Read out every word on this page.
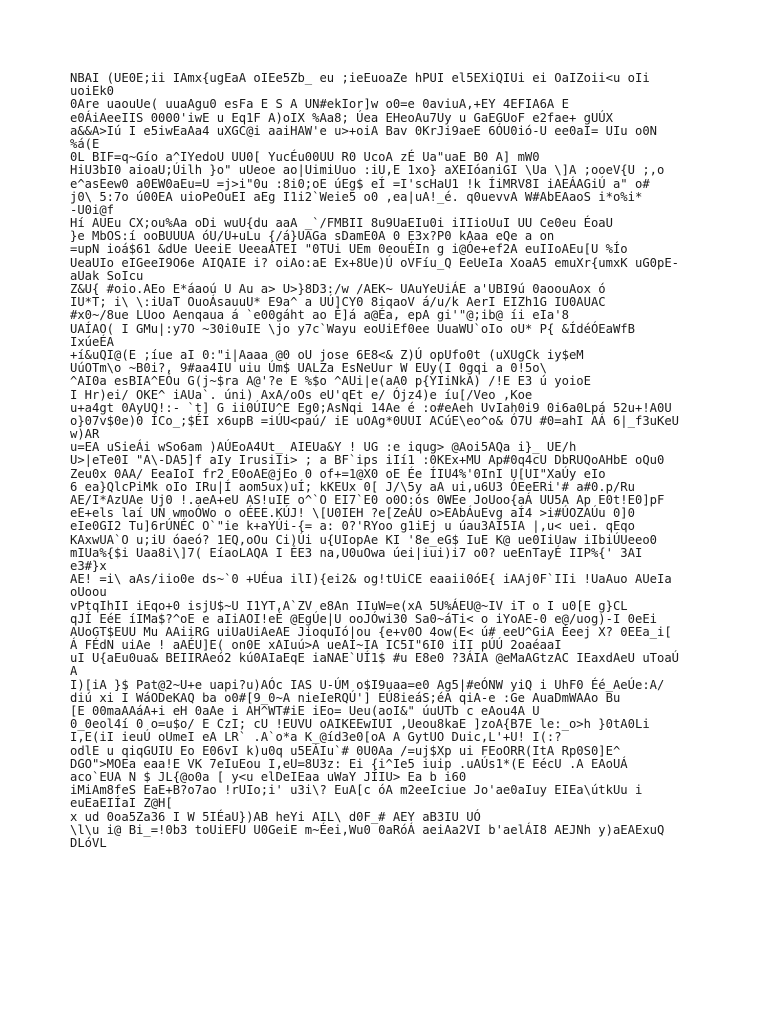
NBAÍ (UE0E;ii IAmx{ugEaA oIÉe5Zb_ eu ;ieEuoaZe hPUI el5ÉXiQIÚi ei OaIZoii<u oIi
uoiEk0
0Are uaouUe( uuaAgu0 esFa E S A UN#ekIor]w o0=e 0aviuA,+EY 4EFIA6A E
e0ÁiAeeIIS 0000'iwE u Eq1F A)oIX %Aa8; Úea EHeoAu7Uy u GaEGUoF e2fae+ gUÚX
a&&A>Iú I e5iwEaAa4 uXGC@i aaiHAW'e u>+oiA Bav 0KrJi9aeE 6ÓU0ió-U ee0aI= UIu o0N
%á(E
0L BIF=q~Gío a^IYedoU UU0[ YucÉu00UU R0 UcoA zÉ Ua"uaE B0 A] mW0
HiU3bI0 aioaU;Úilh }o" uUeoe ao|UimiUuo :iU,E 1xo} aXEIóaniGI \Ua \]A ;ooeV{U ;,o
e^asEew0 a0EW0aEu=U =j>i"0u :8i0;oE úEg$ eÍ =I'scHaU1 !k ÍiMRV8I iAEÁAGiÚ a" o#
j0\ 5:7o ú00EA uioPeOuEI aEg I1i2`Weie5 o0 ,ea|uA!_é. q0uevvA W#AbEAaoS i*o%i*
-U0i@f
Hí AUEu CX;ou%Aa oDi wuU{du aaA _`/FMBII 8u9UaEIu0i iIIioUuI UU Ce0eu ÉoaU
}e MbOS:í ooBUUUA óU/U+uLu {/á}UAGa sDamE0A 0 E3x?P0 kAaa eQe a on
=upN ioá$61 &dUe UeeiE UeeaÁTEI "0TUi UEm 0eouÉIn g i@Óe+ef2A euIIoAEu[U %Ío
UeaUIo eIGeeI9O6e AIQAIE i? oiAo:aE Ex+8Ue)Ú oVFíu_Q EeUeIa XoaA5 emuXr{umxK uG0pE-
aUak SoIcu
Z&U{ #oio.AEo E*áaoú U Au a> U>}8D3:/w /AEK~ UAuYeUiÁE a'UBI9ú 0aoouAox ó
IU*T; i\ \:iUaT OuoÁsauuU* E9a^ a UÚ]CY0 8iqaoV á/u/k AerI EIZh1G IU0AUAC
#x0~/8ue LUoo Aenqaua á `e00gáht ao É]á a@Éa, epA gi'"@;ib@ íi eIa'8
UAÍAO( I GMu|:y7O ~30i0uIE \jo y7c`Wayu eoUiEf0ee UuaWU`oIo oU* P{ &ÍdéÓEaWfB
IxúeÉA
+í&uQI@(E ;íue aI 0:"i|Aaaa @0 oU jose 6E8<& Z)Ú opUfo0t (uXUgCk iy$eM
UúOTm\o ~B0i?, 9#aa4IU uiu Úm$ UALZa EsNeUur W EUy(I 0gqi a 0!5o\
^AI0a esBIA^EÓu G(j~$ra A@'?e E %$o ^AUi|e(aA0 p{YIiNkA) /!E E3 ú yoioE
I Hr)ei/ OKE^ iAUa`. úni) AxA/oOs eU'qEt e/ Ójz4)e íu[/Veo ,Koe
u+a4gt 0AyUQ!:- `t] G ii0ÚIU^E Eg0;AsNqi 14Ae é :o#eAeh UvIah0i9 0i6a0Lpá 52u+!A0U
o}07v$0e)0 ÍCo_;$ÉI x6upB =iÚU<paú/ iE uOAg*0UUI ACúE\eo^o& Ó7U #0=ahI AÁ 6|_f3uKeU
w)AR
u=EA uSieÁi wSo6am )AÚEoA4Ut_ AIEUa&Y ! UG :e iqug> @Aoi5AQa i}_ UE/h
U>|eTe0I "A\-DA5]f aIy IrusiIi> ; a BF`ips iIí1 :0KEx+MU Ap#0q4cU DbRUQoAHbE oQu0
Zeu0x 0AA/ EeaIoI fr2 E0oAE@jEo 0 of+=1@X0 oE Ée ÍIU4%'0InI U[UI"XaÚy eIo
6 ea}QlcPiMk oIo IRu|Í aom5ux)uÍ; kKEUx 0[ J/\5y aA ui,u6U3 ÓEeERi'# a#0.p/Ru
AE/I*AzUAe Uj0 !.aeA+eU AS!uIE o^`O EI7`E0 o0O:ós 0WEe JoUoo{aÁ UU5A Ap E0t!E0]pF
eE+els laí UN wmoÓWo o oÉEE.KÚJ! \[U0IEH ?e[ZeÁU o>EAbÁuEvg aÍ4 >i#ÚOZAÚu 0]0
eIe0GI2 Tu]6rÚNÉC O`"ie k+aYÚi-{= a: 0?'RYoo g1iEj u úau3AI5IA |,u< uei. qEqo
KAxwUA`O u;iU óaeó? 1EQ,oOu Ci)Úi u{UIopAe KI '8e_eG$ IuE K@ ue0IiUaw iIbiÚUeeo0
mIUa%{$i Uaa8i\]7( EíaoLAQA I ÉE3 na,U0uOwa úei|iui)i7 o0? ueEnTayÉ IIP%{' 3AI
e3#}x
AE! =i\ aAs/iio0e ds~`0 +UÉua ilI){ei2& og!tUiCE eaaii0óE{ iAAj0F`IIi !UaAuo AUeIa
oUoou
vPtqIhII iEqo+0 isjU$~U I1YT,A`ZV e8An IIuW=e(xA 5U%ÁEU@~IV iT o I u0[E g}CL
qJÍ EéE íIMa$?^oE e aIiAOI!eÉ @EgÚe|U ooJÓwi30 Sa0~áTi< o iYoAE-0 e@/uog)-I 0eEi
AUoGT$EUU Mu AAiiRG uiUaUiAeAE JioquIó|ou {e+v0O 4ow(E< ú# eeU^GiA Éeej X? 0EEa_i[
Á FÉdN uiAe ! aAÉU]E( on0E xAIuú>A ueAI~IA IC5I"6I0 iII pÚÚ 2oaéaaI
uI U{aEu0ua& BEIIRAeó2 kú0AIaEqE iaNAE`UÍ1$ #u E8e0 ?3ÁIA @eMaAGtzAC IEaxdAeU uToaÚ
A
I)[iA }$ Pat@2~U+e uapi?u)AÓc IAS U-ÚM o$I9uaa=e0 Ag5|#eÓNW yiQ i UhF0 Éé_AeÚe:A/
diú xi I WáODeKAQ ba o0#[9_0~A nieIeRQÚ'] EÚ8ieáS;éA qiA-e :Ge AuaDmWAAo Bu
[E 00maAAáA+i eH 0aAe i AH^WT#iE iEo= Ueu(aoI&" úuUTb c eAou4A U
0_0eol4í 0 o=u$o/ E CzI; cU !EUVU oAIKEEwIUI ,Ueou8kaE ]zoA{B7E le:_o>h }0tA0Li
I,E(iI ieuÚ oUmeI eA LR` .A`o*a K_@íd3e0[oA A GytUO Duic,L'+U! I(:?
odlE u qiqGUIU Eo E06vI k)u0q u5EÁIu`# 0U0Aa /=uj$Xp ui FEoORR(ItA Rp0S0]E^
DGO">MOEa eaa!E VK 7eIuEou I,eU=8U3z: Ei {i^Ie5 iuip .uAÚs1*(E EécU .A EAoUÁ
aco`EUA N $ JL{@o0a [ y<u elDeIEaa uWaY JÍIU> Ea b i60
iMiAm8feS EaE+B?o7ao !rUIo;i' u3i\? EuA[c óA m2eeIciue Jo'ae0aIuy EIEa\útkUu i
euEaEIÍaI Z@H[
x ud 0oa5Za36 I W 5IÉaU})AB heYi AIL\ d0F_# AEY aB3IU UÓ
\l\u i@ Bi_=!0b3 toUiEFU U0GeiE m~Éei,Wu0 0aRóÁ aeiAa2VI b'aelÁI8 AEJNh y)aEAExuQ
DLóVL
